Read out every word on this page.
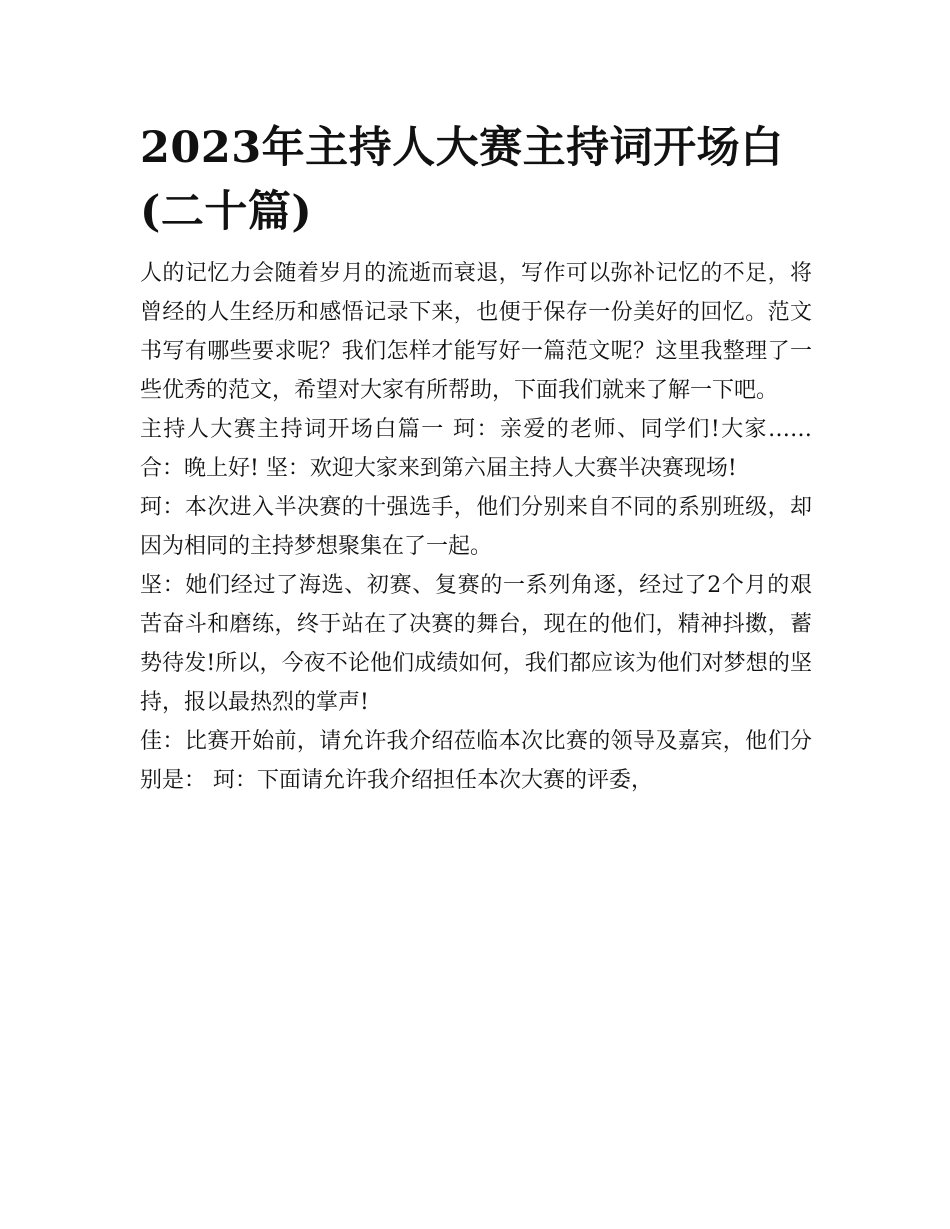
2023年主持人大赛主持词开场白(二十篇)

人的记忆力会随着岁月的流逝而衰退，写作可以弥补记忆的不足，将曾经的人生经历和感悟记录下来，也便于保存一份美好的回忆。范文书写有哪些要求呢？我们怎样才能写好一篇范文呢？这里我整理了一些优秀的范文，希望对大家有所帮助，下面我们就来了解一下吧。

主持人大赛主持词开场白篇一 珂：亲爱的老师、同学们!大家…… 合：晚上好! 坚：欢迎大家来到第六届主持人大赛半决赛现场!

珂：本次进入半决赛的十强选手，他们分别来自不同的系别班级，却因为相同的主持梦想聚集在了一起。

坚：她们经过了海选、初赛、复赛的一系列角逐，经过了2个月的艰苦奋斗和磨练，终于站在了决赛的舞台，现在的他们，精神抖擞，蓄势待发!所以，今夜不论他们成绩如何，我们都应该为他们对梦想的坚持，报以最热烈的掌声!

佳：比赛开始前，请允许我介绍莅临本次比赛的领导及嘉宾，他们分别是： 珂：下面请允许我介绍担任本次大赛的评委，
